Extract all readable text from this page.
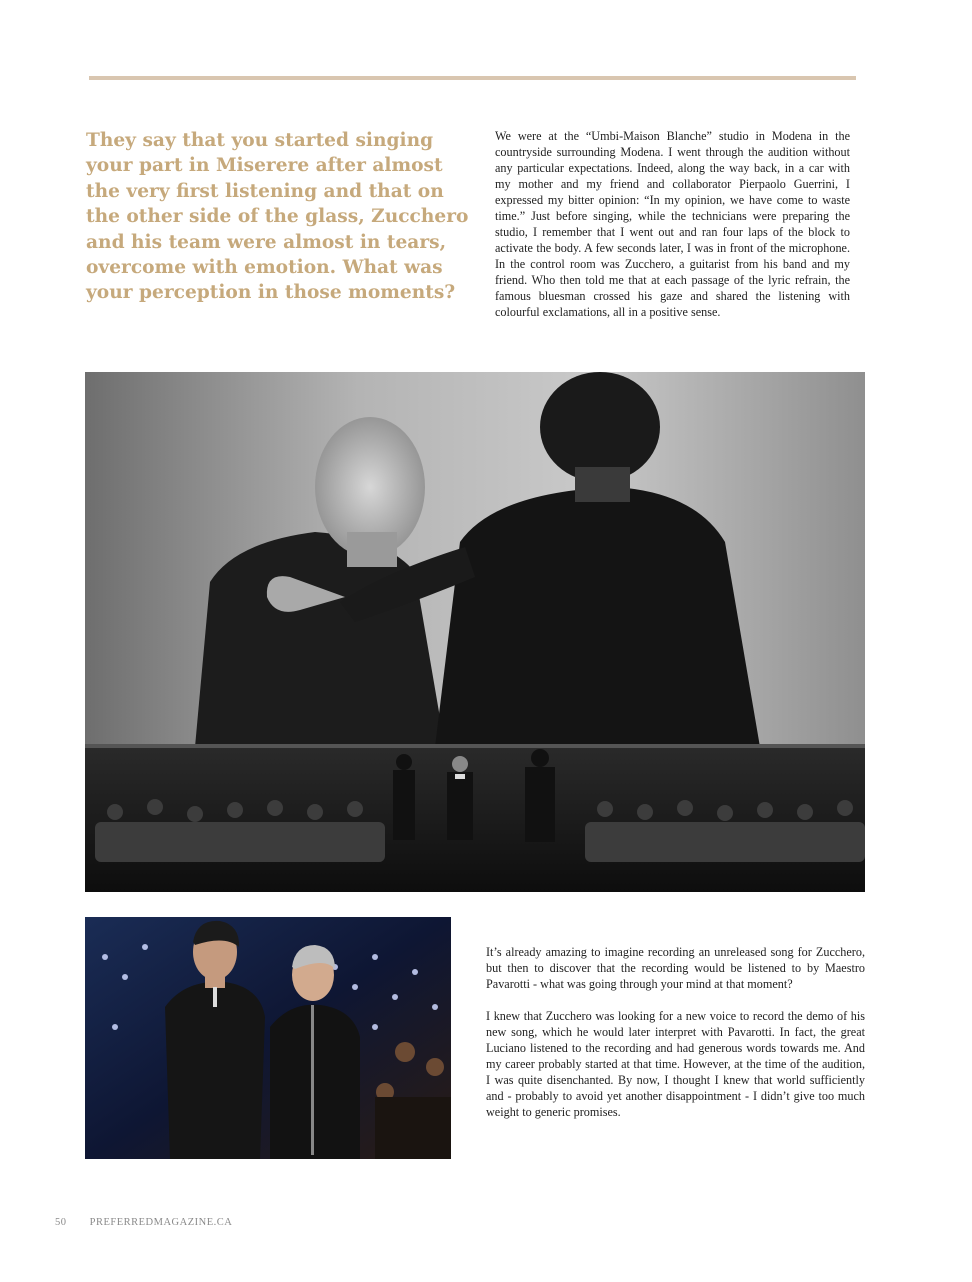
They say that you started singing your part in Miserere after almost the very first listening and that on the other side of the glass, Zucchero and his team were almost in tears, overcome with emotion. What was your perception in those moments?

We were at the “Umbi-Maison Blanche” studio in Modena in the countryside surrounding Modena. I went through the audition without any particular expectations. Indeed, along the way back, in a car with my mother and my friend and collaborator Pierpaolo Guerrini, I expressed my bitter opinion: “In my opinion, we have come to waste time.” Just before singing, while the technicians were preparing the studio, I remember that I went out and ran four laps of the block to activate the body. A few seconds later, I was in front of the microphone. In the control room was Zucchero, a guitarist from his band and my friend. Who then told me that at each passage of the lyric refrain, the famous bluesman crossed his gaze and shared the listening with colourful exclamations, all in a positive sense.

It’s already amazing to imagine recording an unreleased song for Zucchero, but then to discover that the recording would be listened to by Maestro Pavarotti - what was going through your mind at that moment?

I knew that Zucchero was looking for a new voice to record the demo of his new song, which he would later interpret with Pavarotti. In fact, the great Luciano listened to the recording and had generous words towards me. And my career probably started at that time. However, at the time of the audition, I was quite disenchanted. By now, I thought I knew that world sufficiently and - probably to avoid yet another disappointment - I didn’t give too much weight to generic promises.

50 PREFERREDMAGAZINE.CA
